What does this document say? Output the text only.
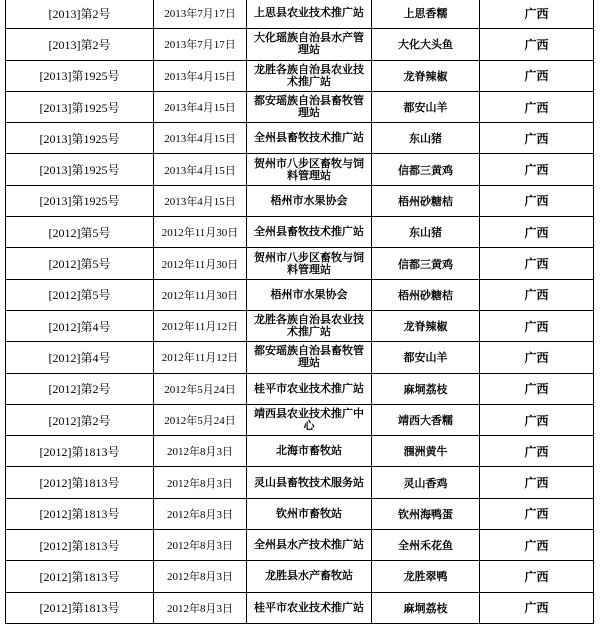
[2013]第2号	2013年7月17日	上思县农业技术推广站	上思香糯	广西
[2013]第2号	2013年7月17日	大化瑶族自治县水产管理站	大化大头鱼	广西
[2013]第1925号	2013年4月15日	龙胜各族自治县农业技术推广站	龙脊辣椒	广西
[2013]第1925号	2013年4月15日	都安瑶族自治县畜牧管理站	都安山羊	广西
[2013]第1925号	2013年4月15日	全州县畜牧技术推广站	东山猪	广西
[2013]第1925号	2013年4月15日	贺州市八步区畜牧与饲料管理站	信都三黄鸡	广西
[2013]第1925号	2013年4月15日	梧州市水果协会	梧州砂糖桔	广西
[2012]第5号	2012年11月30日	全州县畜牧技术推广站	东山猪	广西
[2012]第5号	2012年11月30日	贺州市八步区畜牧与饲料管理站	信都三黄鸡	广西
[2012]第5号	2012年11月30日	梧州市水果协会	梧州砂糖桔	广西
[2012]第4号	2012年11月12日	龙胜各族自治县农业技术推广站	龙脊辣椒	广西
[2012]第4号	2012年11月12日	都安瑶族自治县畜牧管理站	都安山羊	广西
[2012]第2号	2012年5月24日	桂平市农业技术推广站	麻垌荔枝	广西
[2012]第2号	2012年5月24日	靖西县农业技术推广中心	靖西大香糯	广西
[2012]第1813号	2012年8月3日	北海市畜牧站	涠洲黄牛	广西
[2012]第1813号	2012年8月3日	灵山县畜牧技术服务站	灵山香鸡	广西
[2012]第1813号	2012年8月3日	钦州市畜牧站	钦州海鸭蛋	广西
[2012]第1813号	2012年8月3日	全州县水产技术推广站	全州禾花鱼	广西
[2012]第1813号	2012年8月3日	龙胜县水产畜牧站	龙胜翠鸭	广西
[2012]第1813号	2012年8月3日	桂平市农业技术推广站	麻垌荔枝	广西
